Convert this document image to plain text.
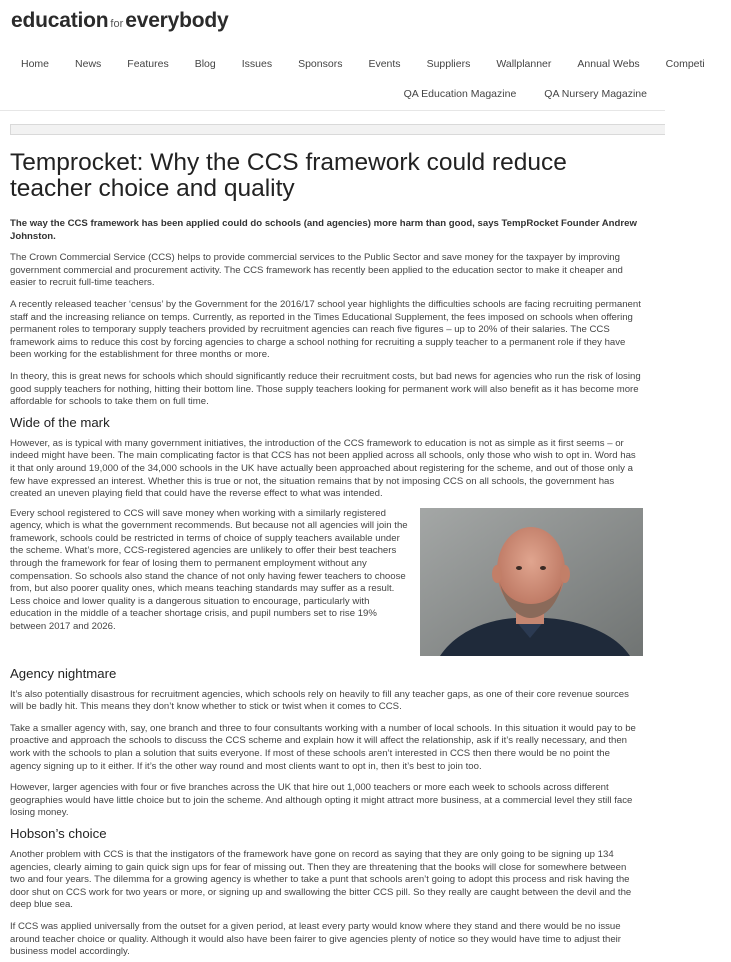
education foreverybody
Home News Features Blog Issues Sponsors Events Suppliers Wallplanner Annual Webs Competi
QA Education Magazine	QA Nursery Magazine
Temprocket: Why the CCS framework could reduce teacher choice and quality

The way the CCS framework has been applied could do schools (and agencies) more harm than good, says TempRocket Founder Andrew Johnston.

The Crown Commercial Service (CCS) helps to provide commercial services to the Public Sector and save money for the taxpayer by improving government commercial and procurement activity. The CCS framework has recently been applied to the education sector to make it cheaper and easier to recruit full-time teachers.

A recently released teacher ‘census’ by the Government for the 2016/17 school year highlights the difficulties schools are facing recruiting permanent staff and the increasing reliance on temps. Currently, as reported in the Times Educational Supplement, the fees imposed on schools when offering permanent roles to temporary supply teachers provided by recruitment agencies can reach five figures – up to 20% of their salaries. The CCS framework aims to reduce this cost by forcing agencies to charge a school nothing for recruiting a supply teacher to a permanent role if they have been working for the establishment for three months or more.

In theory, this is great news for schools which should significantly reduce their recruitment costs, but bad news for agencies who run the risk of losing good supply teachers for nothing, hitting their bottom line. Those supply teachers looking for permanent work will also benefit as it has become more affordable for schools to take them on full time.

Wide of the mark

However, as is typical with many government initiatives, the introduction of the CCS framework to education is not as simple as it first seems – or indeed might have been. The main complicating factor is that CCS has not been applied across all schools, only those who wish to opt in. Word has it that only around 19,000 of the 34,000 schools in the UK have actually been approached about registering for the scheme, and out of those only a few have expressed an interest. Whether this is true or not, the situation remains that by not imposing CCS on all schools, the government has created an uneven playing field that could have the reverse effect to what was intended.

Every school registered to CCS will save money when working with a similarly registered agency, which is what the government recommends. But because not all agencies will join the framework, schools could be restricted in terms of choice of supply teachers available under the scheme. What’s more, CCS-registered agencies are unlikely to offer their best teachers through the framework for fear of losing them to permanent employment without any compensation. So schools also stand the chance of not only having fewer teachers to choose from, but also poorer quality ones, which means teaching standards may suffer as a result. Less choice and lower quality is a dangerous situation to encourage, particularly with education in the middle of a teacher shortage crisis, and pupil numbers set to rise 19% between 2017 and 2026.

Agency nightmare

It’s also potentially disastrous for recruitment agencies, which schools rely on heavily to fill any teacher gaps, as one of their core revenue sources will be badly hit. This means they don’t know whether to stick or twist when it comes to CCS.

Take a smaller agency with, say, one branch and three to four consultants working with a number of local schools. In this situation it would pay to be proactive and approach the schools to discuss the CCS scheme and explain how it will affect the relationship, ask if it’s really necessary, and then work with the schools to plan a solution that suits everyone. If most of these schools aren’t interested in CCS then there would be no point the agency signing up to it either. If it’s the other way round and most clients want to opt in, then it’s best to join too.

However, larger agencies with four or five branches across the UK that hire out 1,000 teachers or more each week to schools across different geographies would have little choice but to join the scheme. And although opting it might attract more business, at a commercial level they still face losing money.

Hobson’s choice

Another problem with CCS is that the instigators of the framework have gone on record as saying that they are only going to be signing up 134 agencies, clearly aiming to gain quick sign ups for fear of missing out. Then they are threatening that the books will close for somewhere between two and four years. The dilemma for a growing agency is whether to take a punt that schools aren’t going to adopt this process and risk having the door shut on CCS work for two years or more, or signing up and swallowing the bitter CCS pill. So they really are caught between the devil and the deep blue sea.

If CCS was applied universally from the outset for a given period, at least every party would know where they stand and there would be no issue around teacher choice or quality. Although it would also have been fairer to give agencies plenty of notice so they would have time to adjust their business model accordingly.
